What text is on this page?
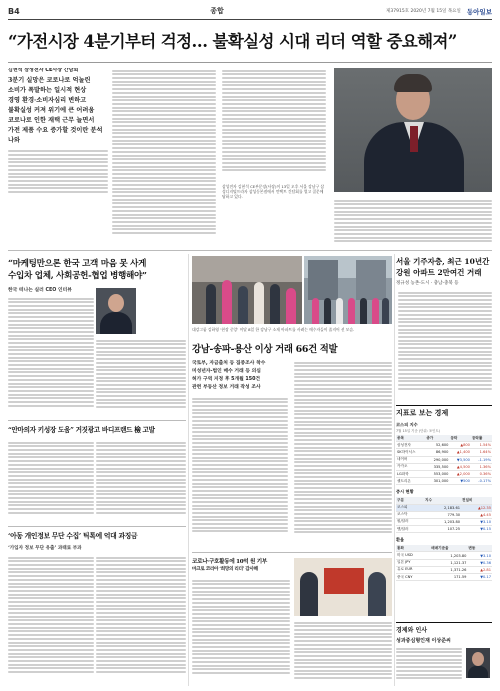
B4	종합	제37915호 2020년 7월 15일 목요일 동아일보
“가전시장 4분기부터 걱정… 불확실성 시대 리더 역할 중요해져”
김현석 삼성전자 CE사장 간담회
3분기 실망은 코로나로 억눌린
소비가 폭발하는 일시적 현상
경영 환경·소비자심리 변하고
불확실성 커져 위기에 큰 어려움
코로나로 인한 재택 근무 늘면서
가전 제품 수요 증가할 것이란 분석 나와
삼성전자 김현석 CE부문장(사장)이 13일 오후 서울 강남구 삼성디지털프라자 삼성동본점에서 언택트 간담회를 열고 질문에 답하고 있다.
“마케팅만으론 한국 고객 마음 못 사게
수입차 업체, 사회공헌-협업 병행해야”
한국 떠나는 실러 CEO 인터뷰
“안마의자 키성장 도움” 거짓광고 바디프랜드 檢 고발
‘아동 개인정보 무단 수집’ 틱톡에 억대 과징금
‘가입자 정보 무단 유출’ 과태료 부과
대강그룹 김하영 ‘현장 중앙’ 이달 8일 한 강남구 소재 아파트를 사려는 매수자들이 줄지어 선 모습.
강남-송파-용산 이상 거래 66건 적발
국토부, 자금출처 등 집중조사 착수
미성년자-법인 매수 거래 등 의심
허가 구역 지정 후 5개월 150건
관련 부동산 정보 거래 작성 조사
코로나·구호활동에 10억 원 기부
마크로 코리아 ‘희망의 리더’ 감사해
서울 기주자층, 최근 10년간
강원 아파트 2만여건 거래
정규성 농촌-도시 · 충남-충북 등
지표로 보는 경제
코스피 지수
7월 15일 기준 (단위: 포인트)
종목	종가	등락	등락률
삼성전자	52,600	▲800	1.54%
SK하이닉스	86,900	▲1,400	1.64%
네이버	290,000	▼3,500	-1.19%
카카오	335,500	▲4,500	1.36%
LG화학	553,000	▲2,000	0.36%
셀트리온	301,000	▼500	-0.17%
증시 현황
구분	지수	전일비
코스피	2,183.61	▲12.35
코스닥	779.30	▲4.45
원/달러	1,203.80	▼3.10
엔/달러	107.25	▼0.15
환율
통화	매매기준율	변동
미국 USD	1,203.80	▼3.10
일본 JPY	1,121.37	▼0.36
유로 EUR	1,371.26	▲2.81
중국 CNY	171.59	▼0.17
경제와 인사
성과중심형인재 이상준씨
